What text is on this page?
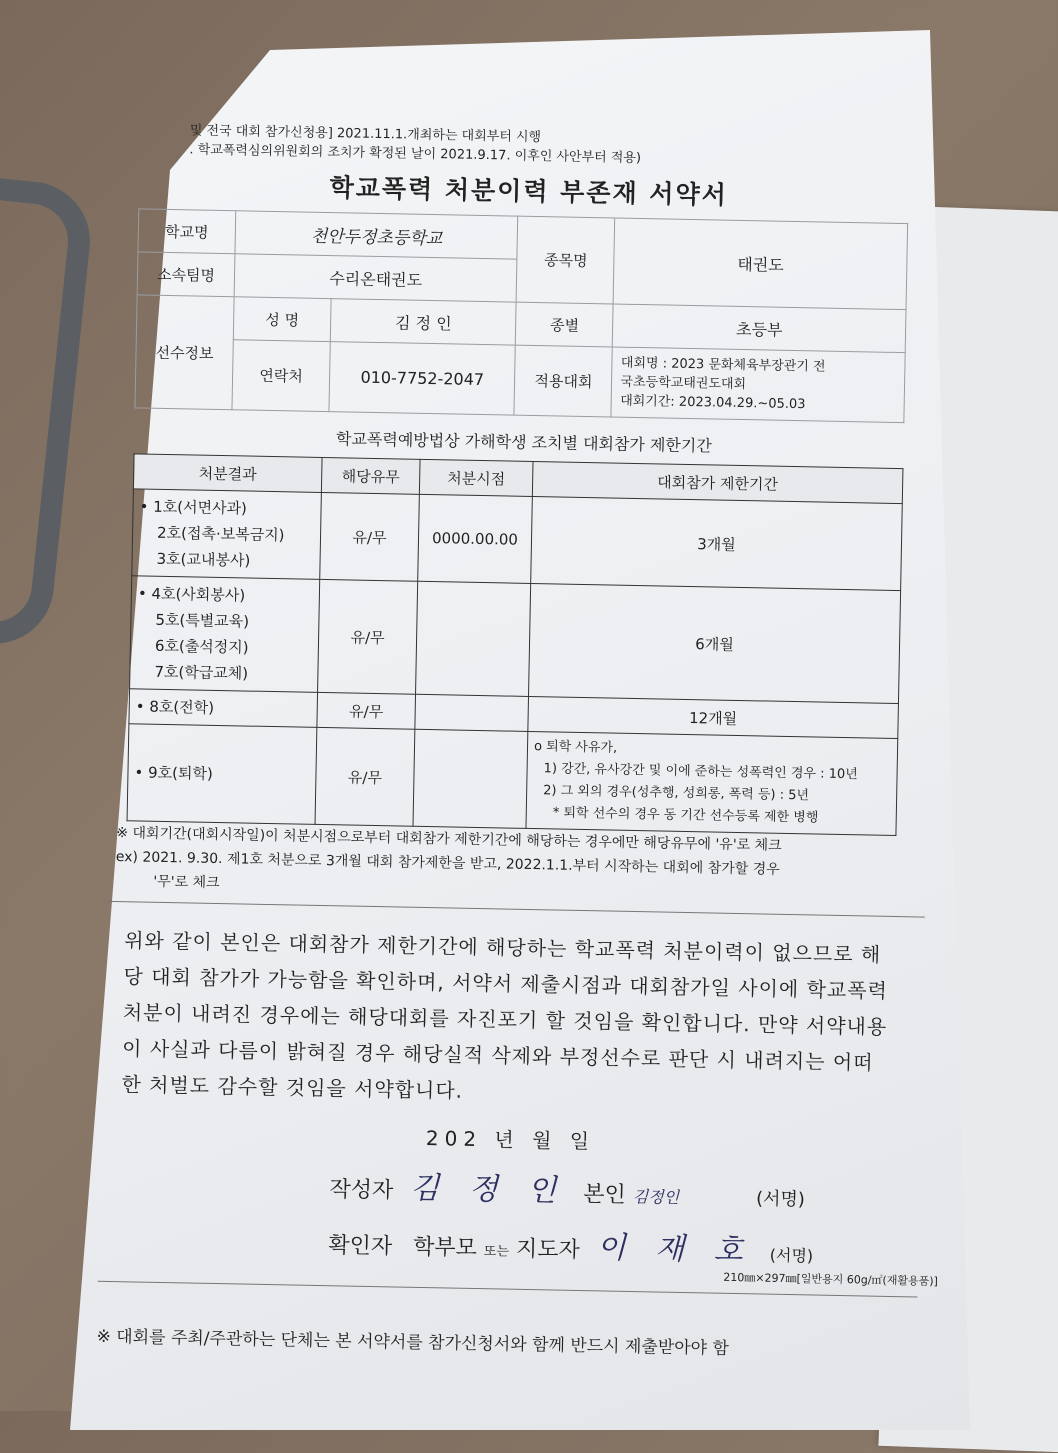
및 전국 대회 참가신청용] 2021.11.1.개최하는 대회부터 시행
. 학교폭력심의위원회의 조치가 확정된 날이 2021.9.17. 이후인 사안부터 적용)
학교폭력 처분이력 부존재 서약서
학교명	천안두정초등학교		종목명	태권도
소속팀명	수리온태권도			
선수정보	성 명	김 정 인	종별	초등부
	연락처	010-7752-2047	적용대회	대회명 : 2023 문화체육부장관기 전
국초등학교태권도대회
대회기간: 2023.04.29.~05.03
학교폭력예방법상 가해학생 조치별 대회참가 제한기간
처분결과	해당유무	처분시점	대회참가 제한기간

• 1호(서면사과)
2호(접촉·보복금지)
3호(교내봉사)	유/무	0000.00.00	3개월

• 4호(사회봉사)
5호(특별교육)
6호(출석정지)
7호(학급교체)	유/무		6개월

• 8호(전학)	유/무		12개월

• 9호(퇴학)	유/무		o 퇴학 사유가,
1) 강간, 유사강간 및 이에 준하는 성폭력인 경우 : 10년
2) 그 외의 경우(성추행, 성희롱, 폭력 등) : 5년
* 퇴학 선수의 경우 동 기간 선수등록 제한 병행
※ 대회기간(대회시작일)이 처분시점으로부터 대회참가 제한기간에 해당하는 경우에만 해당유무에 '유'로 체크
ex) 2021. 9.30. 제1호 처분으로 3개월 대회 참가제한을 받고, 2022.1.1.부터 시작하는 대회에 참가할 경우
'무'로 체크
위와 같이 본인은 대회참가 제한기간에 해당하는 학교폭력 처분이력이 없으므로 해당 대회 참가가 가능함을 확인하며, 서약서 제출시점과 대회참가일 사이에 학교폭력 처분이 내려진 경우에는 해당대회를 자진포기 할 것임을 확인합니다. 만약 서약내용이 사실과 다름이 밝혀질 경우 해당실적 삭제와 부정선수로 판단 시 내려지는 어떠한 처벌도 감수할 것임을 서약합니다.
202 년 월 일
작성자 김 정 인 본인 김정인	(서명)
확인자 학부모 또는 지도자 이 재 호 (서명)
210㎜×297㎜[일반용지 60g/㎡(재활용품)]
※ 대회를 주최/주관하는 단체는 본 서약서를 참가신청서와 함께 반드시 제출받아야 함
